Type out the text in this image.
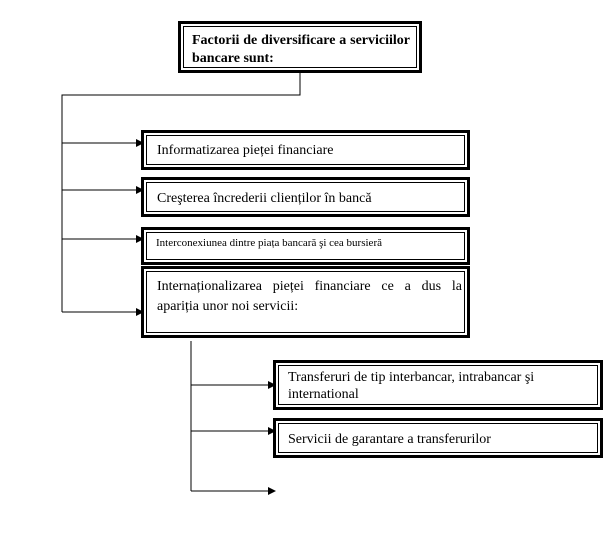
Factorii de diversificare a serviciilor bancare sunt:
Informatizarea pieței financiare
Creşterea încrederii clienților în bancă
Interconexiunea dintre piața bancară şi cea bursieră
Internaționalizarea pieței financiare ce a dus la apariția unor noi servicii:
Transferuri de tip interbancar, intrabancar şi international
Servicii de garantare a transferurilor
